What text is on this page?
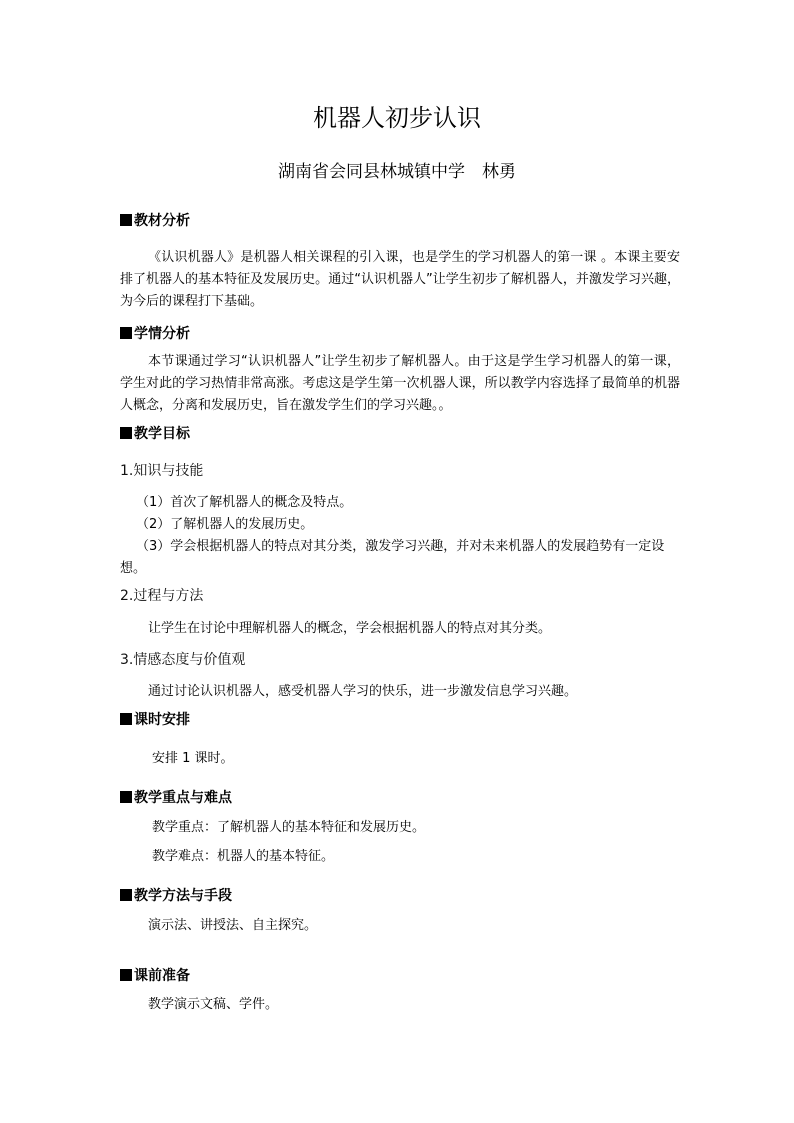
机器人初步认识
湖南省会同县林城镇中学　林勇
教材分析
《认识机器人》是机器人相关课程的引入课，也是学生的学习机器人的第一课 。本课主要安排了机器人的基本特征及发展历史。通过“认识机器人”让学生初步了解机器人，并激发学习兴趣，为今后的课程打下基础。
学情分析
本节课通过学习“认识机器人”让学生初步了解机器人。由于这是学生学习机器人的第一课，学生对此的学习热情非常高涨。考虑这是学生第一次机器人课，所以教学内容选择了最简单的机器人概念，分离和发展历史，旨在激发学生们的学习兴趣。。
教学目标
1.知识与技能
（1）首次了解机器人的概念及特点。
（2）了解机器人的发展历史。
（3）学会根据机器人的特点对其分类，激发学习兴趣，并对未来机器人的发展趋势有一定设想。
2.过程与方法
让学生在讨论中理解机器人的概念，学会根据机器人的特点对其分类。
3.情感态度与价值观
通过讨论认识机器人，感受机器人学习的快乐，进一步激发信息学习兴趣。
课时安排
安排 1 课时。
教学重点与难点
教学重点：了解机器人的基本特征和发展历史。
教学难点：机器人的基本特征。
教学方法与手段
演示法、讲授法、自主探究。
课前准备
教学演示文稿、学件。
